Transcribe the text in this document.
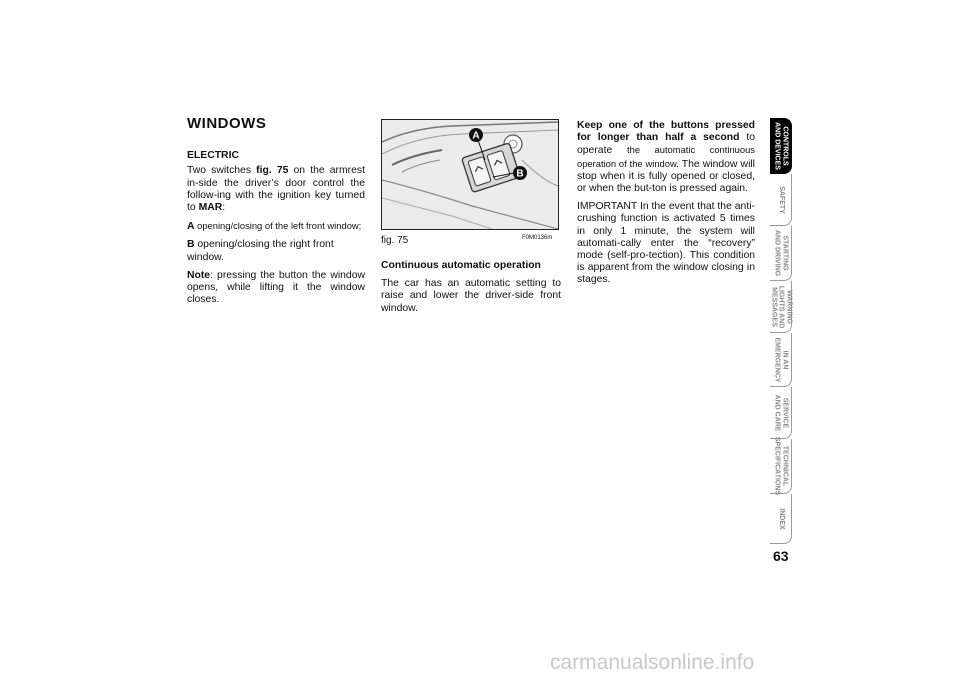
WINDOWS
ELECTRIC

Two switches fig. 75 on the armrest in-side the driver’s door control the follow-ing with the ignition key turned to MAR:

A opening/closing of the left front window;

B opening/closing the right front window.

Note: pressing the button the window opens, while lifting it the window closes.

A
B
fig. 75	F0M0136m
Continuous automatic operation

The car has an automatic setting to raise and lower the driver-side front window.

Keep one of the buttons pressed for longer than half a second to operate the automatic continuous operation of the window. The window will stop when it is fully opened or closed, or when the but-ton is pressed again.

IMPORTANT In the event that the anti-crushing function is activated 5 times in only 1 minute, the system will automati-cally enter the “recovery” mode (self-pro-tection). This condition is apparent from the window closing in stages.

CONTROLS
AND DEVICES
SAFETY
STARTING
AND DRIVING
WARNING
LIGHTS AND
MESSAGES
IN AN
EMERGENCY
SERVICE
AND CARE
TECHNICAL
SPECIFICATIONS
INDEX
63
carmanualsonline.info
